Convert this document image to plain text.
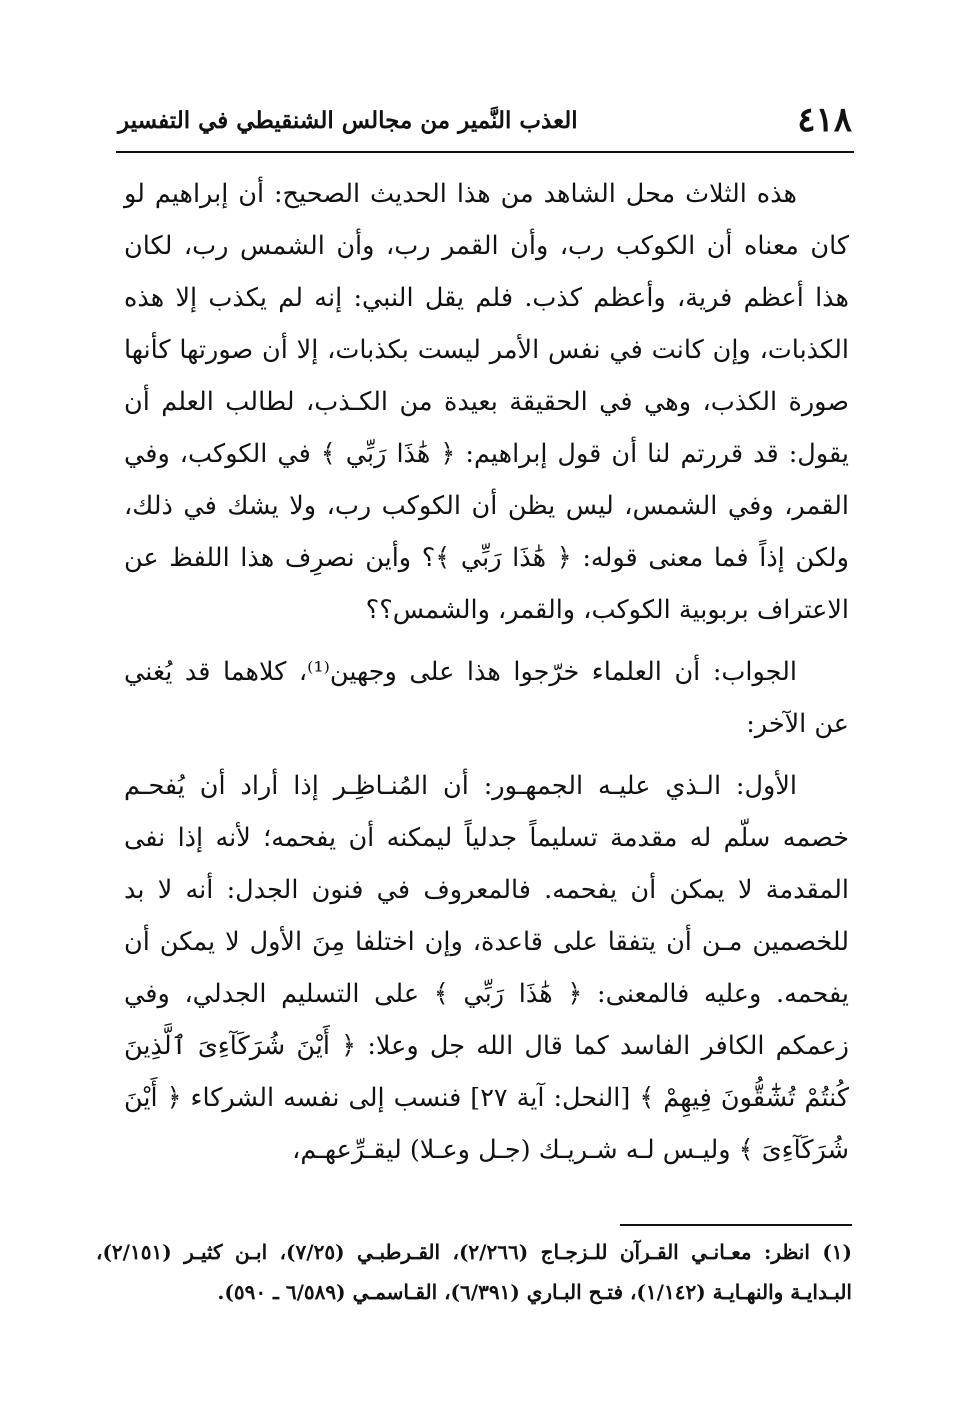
٤١٨
العذب النَّمير من مجالس الشنقيطي في التفسير

هذه الثلاث محل الشاهد من هذا الحديث الصحيح: أن إبراهيم لو كان معناه أن الكوكب رب، وأن القمر رب، وأن الشمس رب، لكان هذا أعظم فرية، وأعظم كذب. فلم يقل النبي: إنه لم يكذب إلا هذه الكذبات، وإن كانت في نفس الأمر ليست بكذبات، إلا أن صورتها كأنها صورة الكذب، وهي في الحقيقة بعيدة من الكـذب، لطالب العلم أن يقول: قد قررتم لنا أن قول إبراهيم: ﴿ هَٰذَا رَبِّي ﴾ في الكوكب، وفي القمر، وفي الشمس، ليس يظن أن الكوكب رب، ولا يشك في ذلك، ولكن إذاً فما معنى قوله: ﴿ هَٰذَا رَبِّي ﴾؟ وأين نصرِف هذا اللفظ عن الاعتراف بربوبية الكوكب، والقمر، والشمس؟؟

الجواب: أن العلماء خرّجوا هذا على وجهين⁽¹⁾، كلاهما قد يُغني عن الآخر:

الأول: الـذي عليـه الجمهـور: أن المُنـاظِـر إذا أراد أن يُفحـم خصمه سلّم له مقدمة تسليماً جدلياً ليمكنه أن يفحمه؛ لأنه إذا نفى المقدمة لا يمكن أن يفحمه. فالمعروف في فنون الجدل: أنه لا بد للخصمين مـن أن يتفقا على قاعدة، وإن اختلفا مِنَ الأول لا يمكن أن يفحمه. وعليه فالمعنى: ﴿ هَٰذَا رَبِّي ﴾ على التسليم الجدلي، وفي زعمكم الكافر الفاسد كما قال الله جل وعلا: ﴿ أَيْنَ شُرَكَآءِىَ ٱلَّذِينَ كُنتُمْ تُشَٰٓقُّونَ فِيهِمْ ﴾ [النحل: آية ٢٧] فنسب إلى نفسه الشركاء ﴿ أَيْنَ شُرَكَآءِىَ ﴾ وليـس لـه شـريـك (جـل وعـلا) ليقـرِّعهـم،

(١) انظر: معـانـي القـرآن للـزجـاج (٢/٢٦٦)، القـرطبـي (٧/٢٥)، ابـن كثيـر (٢/١٥١)، البـدايـة والنهـايـة (١/١٤٢)، فتـح البـاري (٦/٣٩١)، القـاسمـي (٦/٥٨٩ ـ ٥٩٠).
